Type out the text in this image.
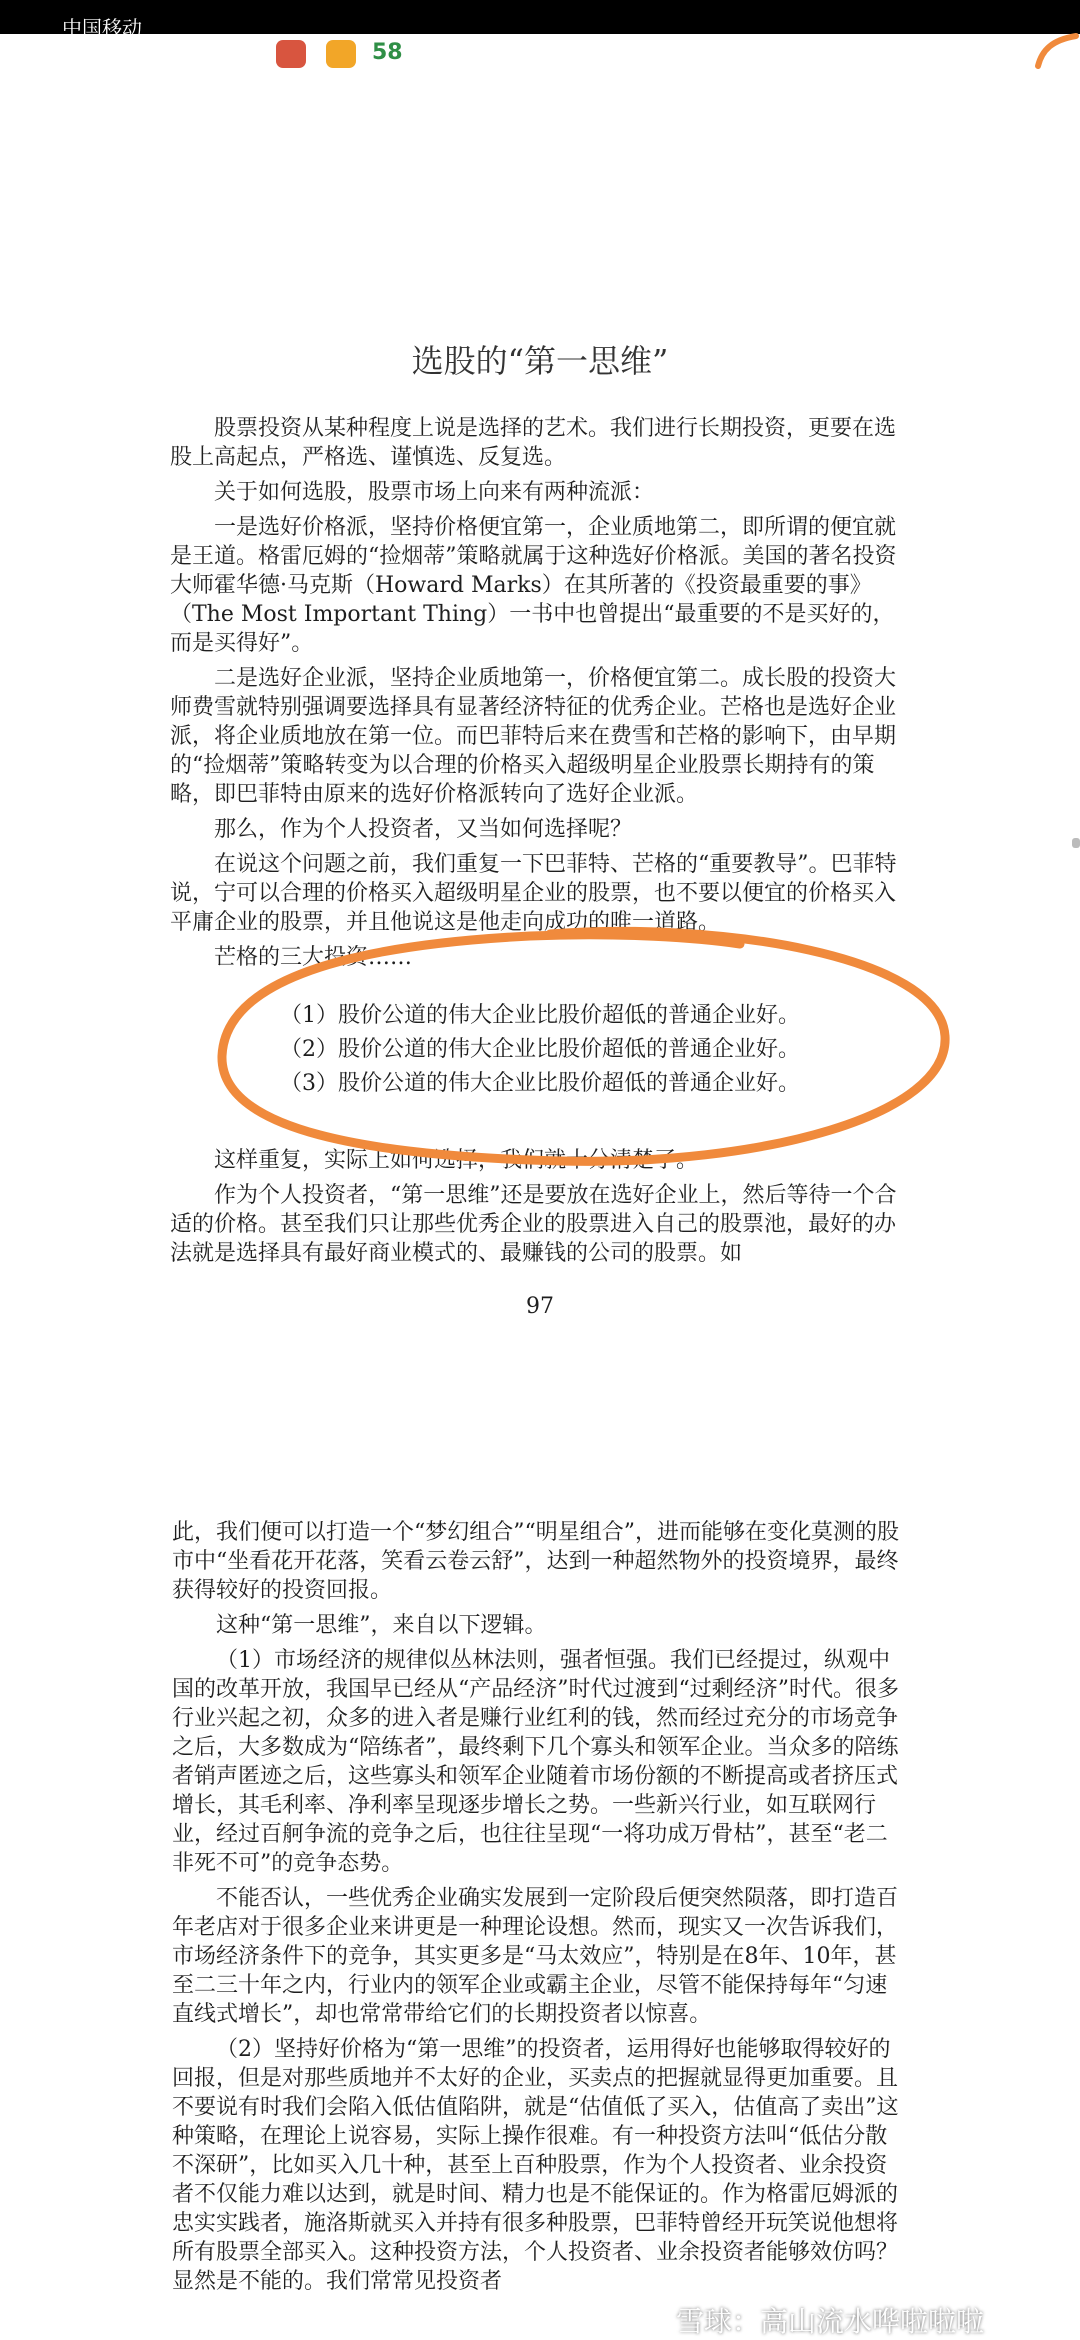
中国移动
58
选股的“第一思维”

股票投资从某种程度上说是选择的艺术。我们进行长期投资，更要在选股上高起点，严格选、谨慎选、反复选。

关于如何选股，股票市场上向来有两种流派：

一是选好价格派，坚持价格便宜第一，企业质地第二，即所谓的便宜就是王道。格雷厄姆的“捡烟蒂”策略就属于这种选好价格派。美国的著名投资大师霍华德·马克斯（Howard Marks）在其所著的《投资最重要的事》（The Most Important Thing）一书中也曾提出“最重要的不是买好的，而是买得好”。

二是选好企业派，坚持企业质地第一，价格便宜第二。成长股的投资大师费雪就特别强调要选择具有显著经济特征的优秀企业。芒格也是选好企业派，将企业质地放在第一位。而巴菲特后来在费雪和芒格的影响下，由早期的“捡烟蒂”策略转变为以合理的价格买入超级明星企业股票长期持有的策略，即巴菲特由原来的选好价格派转向了选好企业派。

那么，作为个人投资者，又当如何选择呢？

在说这个问题之前，我们重复一下巴菲特、芒格的“重要教导”。巴菲特说，宁可以合理的价格买入超级明星企业的股票，也不要以便宜的价格买入平庸企业的股票，并且他说这是他走向成功的唯一道路。

芒格的三大投资……

（1）股价公道的伟大企业比股价超低的普通企业好。
（2）股价公道的伟大企业比股价超低的普通企业好。
（3）股价公道的伟大企业比股价超低的普通企业好。

这样重复，实际上如何选择，我们就十分清楚了。

作为个人投资者，“第一思维”还是要放在选好企业上，然后等待一个合适的价格。甚至我们只让那些优秀企业的股票进入自己的股票池，最好的办法就是选择具有最好商业模式的、最赚钱的公司的股票。如

97

此，我们便可以打造一个“梦幻组合”“明星组合”，进而能够在变化莫测的股市中“坐看花开花落，笑看云卷云舒”，达到一种超然物外的投资境界，最终获得较好的投资回报。

这种“第一思维”，来自以下逻辑。

（1）市场经济的规律似丛林法则，强者恒强。我们已经提过，纵观中国的改革开放，我国早已经从“产品经济”时代过渡到“过剩经济”时代。很多行业兴起之初，众多的进入者是赚行业红利的钱，然而经过充分的市场竞争之后，大多数成为“陪练者”，最终剩下几个寡头和领军企业。当众多的陪练者销声匿迹之后，这些寡头和领军企业随着市场份额的不断提高或者挤压式增长，其毛利率、净利率呈现逐步增长之势。一些新兴行业，如互联网行业，经过百舸争流的竞争之后，也往往呈现“一将功成万骨枯”，甚至“老二非死不可”的竞争态势。

不能否认，一些优秀企业确实发展到一定阶段后便突然陨落，即打造百年老店对于很多企业来讲更是一种理论设想。然而，现实又一次告诉我们，市场经济条件下的竞争，其实更多是“马太效应”，特别是在8年、10年，甚至二三十年之内，行业内的领军企业或霸主企业，尽管不能保持每年“匀速直线式增长”，却也常常带给它们的长期投资者以惊喜。

（2）坚持好价格为“第一思维”的投资者，运用得好也能够取得较好的回报，但是对那些质地并不太好的企业，买卖点的把握就显得更加重要。且不要说有时我们会陷入低估值陷阱，就是“估值低了买入，估值高了卖出”这种策略，在理论上说容易，实际上操作很难。有一种投资方法叫“低估分散不深研”，比如买入几十种，甚至上百种股票，作为个人投资者、业余投资者不仅能力难以达到，就是时间、精力也是不能保证的。作为格雷厄姆派的忠实实践者，施洛斯就买入并持有很多种股票，巴菲特曾经开玩笑说他想将所有股票全部买入。这种投资方法，个人投资者、业余投资者能够效仿吗？显然是不能的。我们常常见投资者

雪球：高山流水哗啦啦啦
